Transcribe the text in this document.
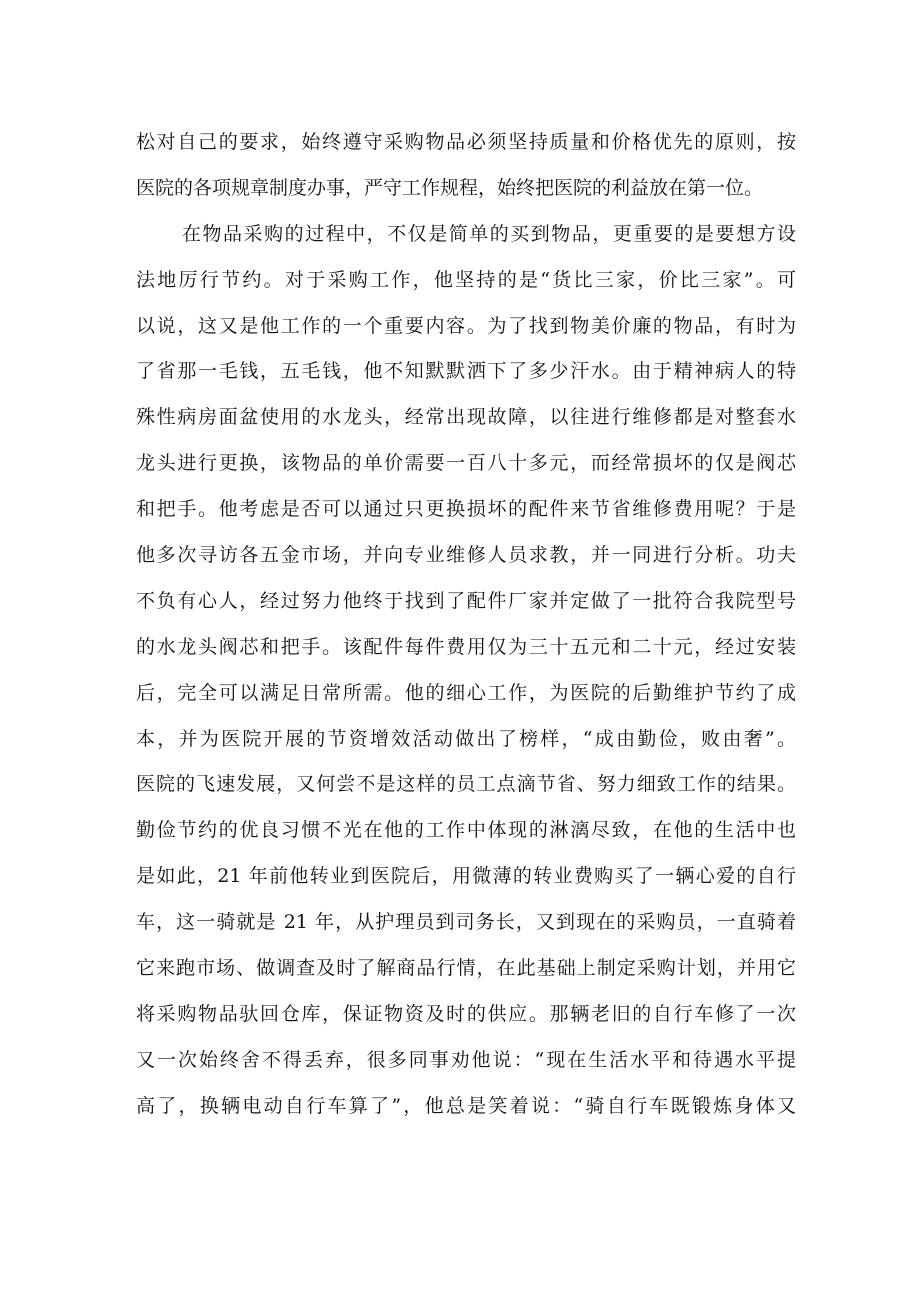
松对自己的要求，始终遵守采购物品必须坚持质量和价格优先的原则，按
医院的各项规章制度办事，严守工作规程，始终把医院的利益放在第一位。
在物品采购的过程中，不仅是简单的买到物品，更重要的是要想方设
法地厉行节约。对于采购工作，他坚持的是“货比三家，价比三家”。可
以说，这又是他工作的一个重要内容。为了找到物美价廉的物品，有时为
了省那一毛钱，五毛钱，他不知默默洒下了多少汗水。由于精神病人的特
殊性病房面盆使用的水龙头，经常出现故障，以往进行维修都是对整套水
龙头进行更换，该物品的单价需要一百八十多元，而经常损坏的仅是阀芯
和把手。他考虑是否可以通过只更换损坏的配件来节省维修费用呢？于是
他多次寻访各五金市场，并向专业维修人员求教，并一同进行分析。功夫
不负有心人，经过努力他终于找到了配件厂家并定做了一批符合我院型号
的水龙头阀芯和把手。该配件每件费用仅为三十五元和二十元，经过安装
后，完全可以满足日常所需。他的细心工作，为医院的后勤维护节约了成
本，并为医院开展的节资增效活动做出了榜样，“成由勤俭，败由奢”。
医院的飞速发展，又何尝不是这样的员工点滴节省、努力细致工作的结果。
勤俭节约的优良习惯不光在他的工作中体现的淋漓尽致，在他的生活中也
是如此，21 年前他转业到医院后，用微薄的转业费购买了一辆心爱的自行
车，这一骑就是 21 年，从护理员到司务长，又到现在的采购员，一直骑着
它来跑市场、做调查及时了解商品行情，在此基础上制定采购计划，并用它
将采购物品驮回仓库，保证物资及时的供应。那辆老旧的自行车修了一次
又一次始终舍不得丢弃，很多同事劝他说：“现在生活水平和待遇水平提
高了，换辆电动自行车算了”，他总是笑着说：“骑自行车既锻炼身体又
